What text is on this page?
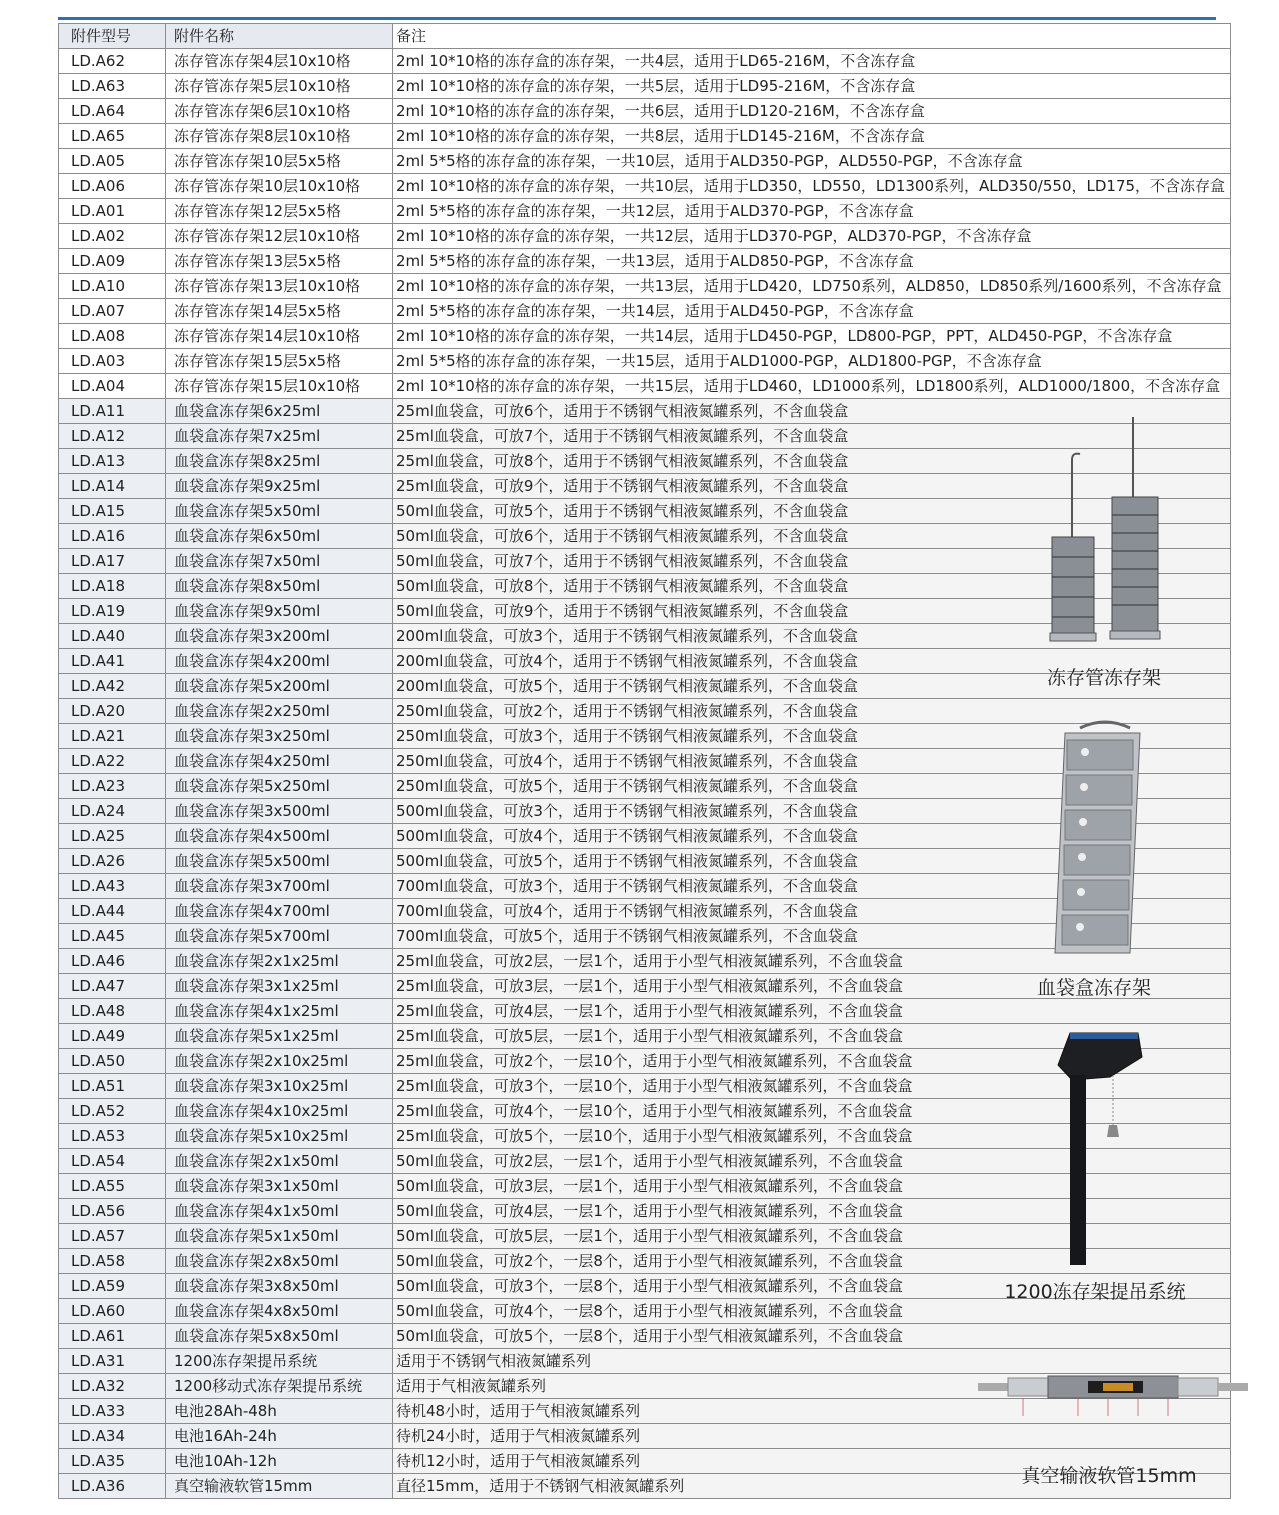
附件型号	附件名称	备注
LD.A62	冻存管冻存架4层10x10格	2ml 10*10格的冻存盒的冻存架，一共4层，适用于LD65-216M，不含冻存盒
LD.A63	冻存管冻存架5层10x10格	2ml 10*10格的冻存盒的冻存架，一共5层，适用于LD95-216M，不含冻存盒
LD.A64	冻存管冻存架6层10x10格	2ml 10*10格的冻存盒的冻存架，一共6层，适用于LD120-216M，不含冻存盒
LD.A65	冻存管冻存架8层10x10格	2ml 10*10格的冻存盒的冻存架，一共8层，适用于LD145-216M，不含冻存盒
LD.A05	冻存管冻存架10层5x5格	2ml 5*5格的冻存盒的冻存架，一共10层，适用于ALD350-PGP，ALD550-PGP，不含冻存盒
LD.A06	冻存管冻存架10层10x10格	2ml 10*10格的冻存盒的冻存架，一共10层，适用于LD350，LD550，LD1300系列，ALD350/550，LD175，不含冻存盒
LD.A01	冻存管冻存架12层5x5格	2ml 5*5格的冻存盒的冻存架，一共12层，适用于ALD370-PGP，不含冻存盒
LD.A02	冻存管冻存架12层10x10格	2ml 10*10格的冻存盒的冻存架，一共12层，适用于LD370-PGP，ALD370-PGP，不含冻存盒
LD.A09	冻存管冻存架13层5x5格	2ml 5*5格的冻存盒的冻存架，一共13层，适用于ALD850-PGP，不含冻存盒
LD.A10	冻存管冻存架13层10x10格	2ml 10*10格的冻存盒的冻存架，一共13层，适用于LD420，LD750系列，ALD850，LD850系列/1600系列，不含冻存盒
LD.A07	冻存管冻存架14层5x5格	2ml 5*5格的冻存盒的冻存架，一共14层，适用于ALD450-PGP，不含冻存盒
LD.A08	冻存管冻存架14层10x10格	2ml 10*10格的冻存盒的冻存架，一共14层，适用于LD450-PGP，LD800-PGP，PPT，ALD450-PGP，不含冻存盒
LD.A03	冻存管冻存架15层5x5格	2ml 5*5格的冻存盒的冻存架，一共15层，适用于ALD1000-PGP，ALD1800-PGP，不含冻存盒
LD.A04	冻存管冻存架15层10x10格	2ml 10*10格的冻存盒的冻存架，一共15层，适用于LD460，LD1000系列，LD1800系列，ALD1000/1800，不含冻存盒
LD.A11	血袋盒冻存架6x25ml	25ml血袋盒，可放6个，适用于不锈钢气相液氮罐系列，不含血袋盒
LD.A12	血袋盒冻存架7x25ml	25ml血袋盒，可放7个，适用于不锈钢气相液氮罐系列，不含血袋盒
LD.A13	血袋盒冻存架8x25ml	25ml血袋盒，可放8个，适用于不锈钢气相液氮罐系列，不含血袋盒
LD.A14	血袋盒冻存架9x25ml	25ml血袋盒，可放9个，适用于不锈钢气相液氮罐系列，不含血袋盒
LD.A15	血袋盒冻存架5x50ml	50ml血袋盒，可放5个，适用于不锈钢气相液氮罐系列，不含血袋盒
LD.A16	血袋盒冻存架6x50ml	50ml血袋盒，可放6个，适用于不锈钢气相液氮罐系列，不含血袋盒
LD.A17	血袋盒冻存架7x50ml	50ml血袋盒，可放7个，适用于不锈钢气相液氮罐系列，不含血袋盒
LD.A18	血袋盒冻存架8x50ml	50ml血袋盒，可放8个，适用于不锈钢气相液氮罐系列，不含血袋盒
LD.A19	血袋盒冻存架9x50ml	50ml血袋盒，可放9个，适用于不锈钢气相液氮罐系列，不含血袋盒
LD.A40	血袋盒冻存架3x200ml	200ml血袋盒，可放3个，适用于不锈钢气相液氮罐系列，不含血袋盒
LD.A41	血袋盒冻存架4x200ml	200ml血袋盒，可放4个，适用于不锈钢气相液氮罐系列，不含血袋盒
LD.A42	血袋盒冻存架5x200ml	200ml血袋盒，可放5个，适用于不锈钢气相液氮罐系列，不含血袋盒
LD.A20	血袋盒冻存架2x250ml	250ml血袋盒，可放2个，适用于不锈钢气相液氮罐系列，不含血袋盒
LD.A21	血袋盒冻存架3x250ml	250ml血袋盒，可放3个，适用于不锈钢气相液氮罐系列，不含血袋盒
LD.A22	血袋盒冻存架4x250ml	250ml血袋盒，可放4个，适用于不锈钢气相液氮罐系列，不含血袋盒
LD.A23	血袋盒冻存架5x250ml	250ml血袋盒，可放5个，适用于不锈钢气相液氮罐系列，不含血袋盒
LD.A24	血袋盒冻存架3x500ml	500ml血袋盒，可放3个，适用于不锈钢气相液氮罐系列，不含血袋盒
LD.A25	血袋盒冻存架4x500ml	500ml血袋盒，可放4个，适用于不锈钢气相液氮罐系列，不含血袋盒
LD.A26	血袋盒冻存架5x500ml	500ml血袋盒，可放5个，适用于不锈钢气相液氮罐系列，不含血袋盒
LD.A43	血袋盒冻存架3x700ml	700ml血袋盒，可放3个，适用于不锈钢气相液氮罐系列，不含血袋盒
LD.A44	血袋盒冻存架4x700ml	700ml血袋盒，可放4个，适用于不锈钢气相液氮罐系列，不含血袋盒
LD.A45	血袋盒冻存架5x700ml	700ml血袋盒，可放5个，适用于不锈钢气相液氮罐系列，不含血袋盒
LD.A46	血袋盒冻存架2x1x25ml	25ml血袋盒，可放2层，一层1个，适用于小型气相液氮罐系列，不含血袋盒
LD.A47	血袋盒冻存架3x1x25ml	25ml血袋盒，可放3层，一层1个，适用于小型气相液氮罐系列，不含血袋盒
LD.A48	血袋盒冻存架4x1x25ml	25ml血袋盒，可放4层，一层1个，适用于小型气相液氮罐系列，不含血袋盒
LD.A49	血袋盒冻存架5x1x25ml	25ml血袋盒，可放5层，一层1个，适用于小型气相液氮罐系列，不含血袋盒
LD.A50	血袋盒冻存架2x10x25ml	25ml血袋盒，可放2个，一层10个，适用于小型气相液氮罐系列，不含血袋盒
LD.A51	血袋盒冻存架3x10x25ml	25ml血袋盒，可放3个，一层10个，适用于小型气相液氮罐系列，不含血袋盒
LD.A52	血袋盒冻存架4x10x25ml	25ml血袋盒，可放4个，一层10个，适用于小型气相液氮罐系列，不含血袋盒
LD.A53	血袋盒冻存架5x10x25ml	25ml血袋盒，可放5个，一层10个，适用于小型气相液氮罐系列，不含血袋盒
LD.A54	血袋盒冻存架2x1x50ml	50ml血袋盒，可放2层，一层1个，适用于小型气相液氮罐系列，不含血袋盒
LD.A55	血袋盒冻存架3x1x50ml	50ml血袋盒，可放3层，一层1个，适用于小型气相液氮罐系列，不含血袋盒
LD.A56	血袋盒冻存架4x1x50ml	50ml血袋盒，可放4层，一层1个，适用于小型气相液氮罐系列，不含血袋盒
LD.A57	血袋盒冻存架5x1x50ml	50ml血袋盒，可放5层，一层1个，适用于小型气相液氮罐系列，不含血袋盒
LD.A58	血袋盒冻存架2x8x50ml	50ml血袋盒，可放2个，一层8个，适用于小型气相液氮罐系列，不含血袋盒
LD.A59	血袋盒冻存架3x8x50ml	50ml血袋盒，可放3个，一层8个，适用于小型气相液氮罐系列，不含血袋盒
LD.A60	血袋盒冻存架4x8x50ml	50ml血袋盒，可放4个，一层8个，适用于小型气相液氮罐系列，不含血袋盒
LD.A61	血袋盒冻存架5x8x50ml	50ml血袋盒，可放5个，一层8个，适用于小型气相液氮罐系列，不含血袋盒
LD.A31	1200冻存架提吊系统	适用于不锈钢气相液氮罐系列
LD.A32	1200移动式冻存架提吊系统	适用于气相液氮罐系列
LD.A33	电池28Ah-48h	待机48小时，适用于气相液氮罐系列
LD.A34	电池16Ah-24h	待机24小时，适用于气相液氮罐系列
LD.A35	电池10Ah-12h	待机12小时，适用于气相液氮罐系列
LD.A36	真空输液软管15mm	直径15mm，适用于不锈钢气相液氮罐系列
冻存管冻存架
血袋盒冻存架
1200冻存架提吊系统
真空输液软管15mm
